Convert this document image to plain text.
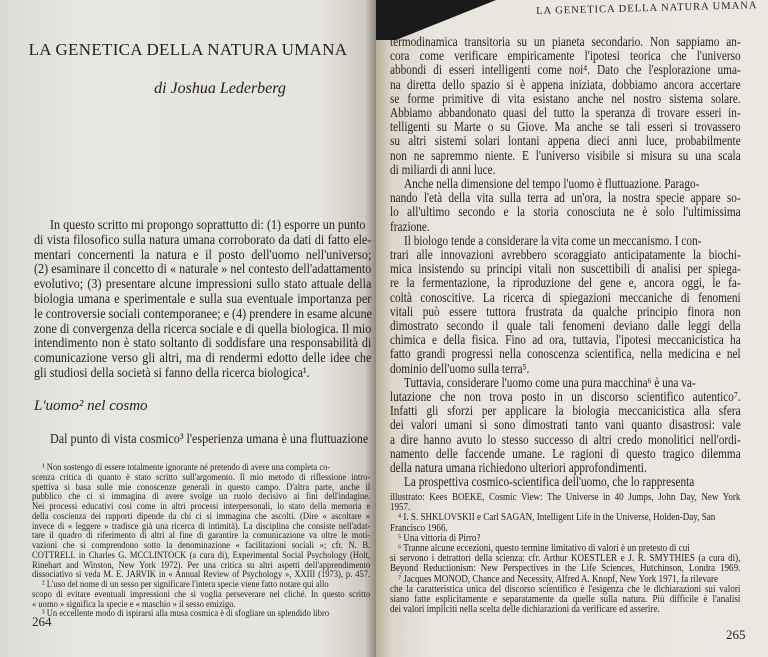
LA GENETICA DELLA NATURA UMANA
di Joshua Lederberg
In questo scritto mi propongo soprattutto di: (1) esporre un punto
di vista filosofico sulla natura umana corroborato da dati di fatto ele-
mentari concernenti la natura e il posto dell'uomo nell'universo;
(2) esaminare il concetto di « naturale » nel contesto dell'adattamento
evolutivo; (3) presentare alcune impressioni sullo stato attuale della
biologia umana e sperimentale e sulla sua eventuale importanza per
le controversie sociali contemporanee; e (4) prendere in esame alcune
zone di convergenza della ricerca sociale e di quella biologica. Il mio
intendimento non è stato soltanto di soddisfare una responsabilità di
comunicazione verso gli altri, ma di rendermi edotto delle idee che
gli studiosi della società si fanno della ricerca biologica¹.
L'uomo² nel cosmo
Dal punto di vista cosmico³ l'esperienza umana è una fluttuazione
¹ Non sostengo di essere totalmente ignorante né pretendo di avere una completa co-
scenza critica di quanto è stato scritto sull'argomento. Il mio metodo di riflessione intro-
spettiva si basa sulle mie conoscenze generali in questo campo. D'altra parte, anche il
pubblico che ci si immagina di avere svolge un ruolo decisivo ai fini dell'indagine.
Nei processi educativi così come in altri processi interpersonali, lo stato della memoria e
della coscienza dei rapporti dipende da chi ci si immagina che ascolti. (Dire « ascoltare »
invece di « leggere » tradisce già una ricerca di intimità). La disciplina che consiste nell'adat-
tare il quadro di riferimento di altri al fine di garantire la comunicazione va oltre le moti-
vazioni che si comprendono sotto la denominazione « facilitazioni sociali »; cfr. N. B.
COTTRELL in Charles G. MCCLINTOCK (a cura di), Experimental Social Psychology (Holt,
Rinehart and Winston, New York 1972). Per una critica su altri aspetti dell'apprendimento
dissociativo si veda M. E. JARVIK in « Annual Review of Psychology », XXIII (1973), p. 457.
² L'uso del nome di un sesso per significare l'intera specie viene fatto notare qui allo
scopo di evitare eventuali impressioni che si voglia perseverare nel cliché. In questo scritto
« uomo » significa la specie e « maschio » il sesso emizigo.
³ Un eccellente modo di ispirarsi alla musa cosmica è di sfogliare un splendido libro
264
LA GENETICA DELLA NATURA UMANA
termodinamica transitoria su un pianeta secondario. Non sappiamo an-
cora come verificare empiricamente l'ipotesi teorica che l'universo
abbondi di esseri intelligenti come noi⁴. Dato che l'esplorazione uma-
na diretta dello spazio si è appena iniziata, dobbiamo ancora accertare
se forme primitive di vita esistano anche nel nostro sistema solare.
Abbiamo abbandonato quasi del tutto la speranza di trovare esseri in-
telligenti su Marte o su Giove. Ma anche se tali esseri si trovassero
su altri sistemi solari lontani appena dieci anni luce, probabilmente
non ne sapremmo niente. E l'universo visibile si misura su una scala
di miliardi di anni luce.
Anche nella dimensione del tempo l'uomo è fluttuazione. Parago-
nando l'età della vita sulla terra ad un'ora, la nostra specie appare so-
lo all'ultimo secondo e la storia conosciuta ne è solo l'ultimissima
frazione.
Il biologo tende a considerare la vita come un meccanismo. I con-
trari alle innovazioni avrebbero scoraggiato anticipatamente la biochi-
mica insistendo su principi vitali non suscettibili di analisi per spiega-
re la fermentazione, la riproduzione del gene e, ancora oggi, le fa-
coltà conoscitive. La ricerca di spiegazioni meccaniche di fenomeni
vitali può essere tuttora frustrata da qualche principio finora non
dimostrato secondo il quale tali fenomeni deviano dalle leggi della
chimica e della fisica. Fino ad ora, tuttavia, l'ipotesi meccanicistica ha
fatto grandi progressi nella conoscenza scientifica, nella medicina e nel
dominio dell'uomo sulla terra⁵.
Tuttavia, considerare l'uomo come una pura macchina⁶ è una va-
lutazione che non trova posto in un discorso scientifico autentico⁷.
Infatti gli sforzi per applicare la biologia meccanicistica alla sfera
dei valori umani si sono dimostrati tanto vani quanto disastrosi: vale
a dire hanno avuto lo stesso successo di altri credo monolitici nell'ordi-
namento delle faccende umane. Le ragioni di questo tragico dilemma
della natura umana richiedono ulteriori approfondimenti.
La prospettiva cosmico-scientifica dell'uomo, che lo rappresenta
illustrato: Kees BOEKE, Cosmic View: The Universe in 40 Jumps, John Day, New York
1957.
⁴ I. S. SHKLOVSKII e Carl SAGAN, Intelligent Life in the Universe, Holden-Day, San
Francisco 1966.
⁵ Una vittoria di Pirro?
⁶ Tranne alcune eccezioni, questo termine limitativo di valori è un pretesto di cui
si servono i detrattori della scienza: cfr. Arthur KOESTLER e J. R. SMYTHIES (a cura di),
Beyond Reductionism: New Perspectives in the Life Sciences, Hutchinson, Londra 1969.
⁷ Jacques MONOD, Chance and Necessity, Alfred A. Knopf, New York 1971, fa rilevare
che la caratteristica unica del discorso scientifico è l'esigenza che le dichiarazioni sui valori
siano fatte esplicitamente e separatamente da quelle sulla natura. Più difficile è l'analisi
dei valori impliciti nella scelta delle dichiarazioni da verificare ed asserire.
265
